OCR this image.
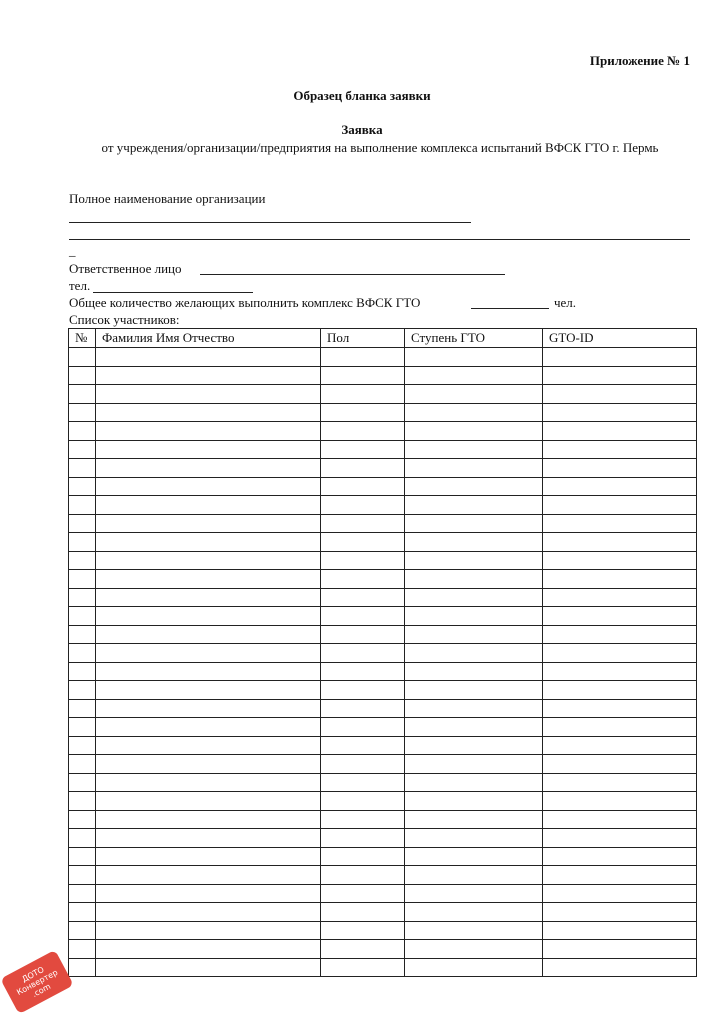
Приложение № 1
Образец бланка заявки
Заявка
от учреждения/организации/предприятия на выполнение комплекса испытаний ВФСК ГТО г. Пермь
Полное наименование организации
_
Ответственное лицо
тел.
Общее количество желающих выполнить комплекс ВФСК ГТО	чел.
Список участников:
№	Фамилия Имя Отчество	Пол	Ступень ГТО	GTO-ID

ДОТО Конвертер .com
